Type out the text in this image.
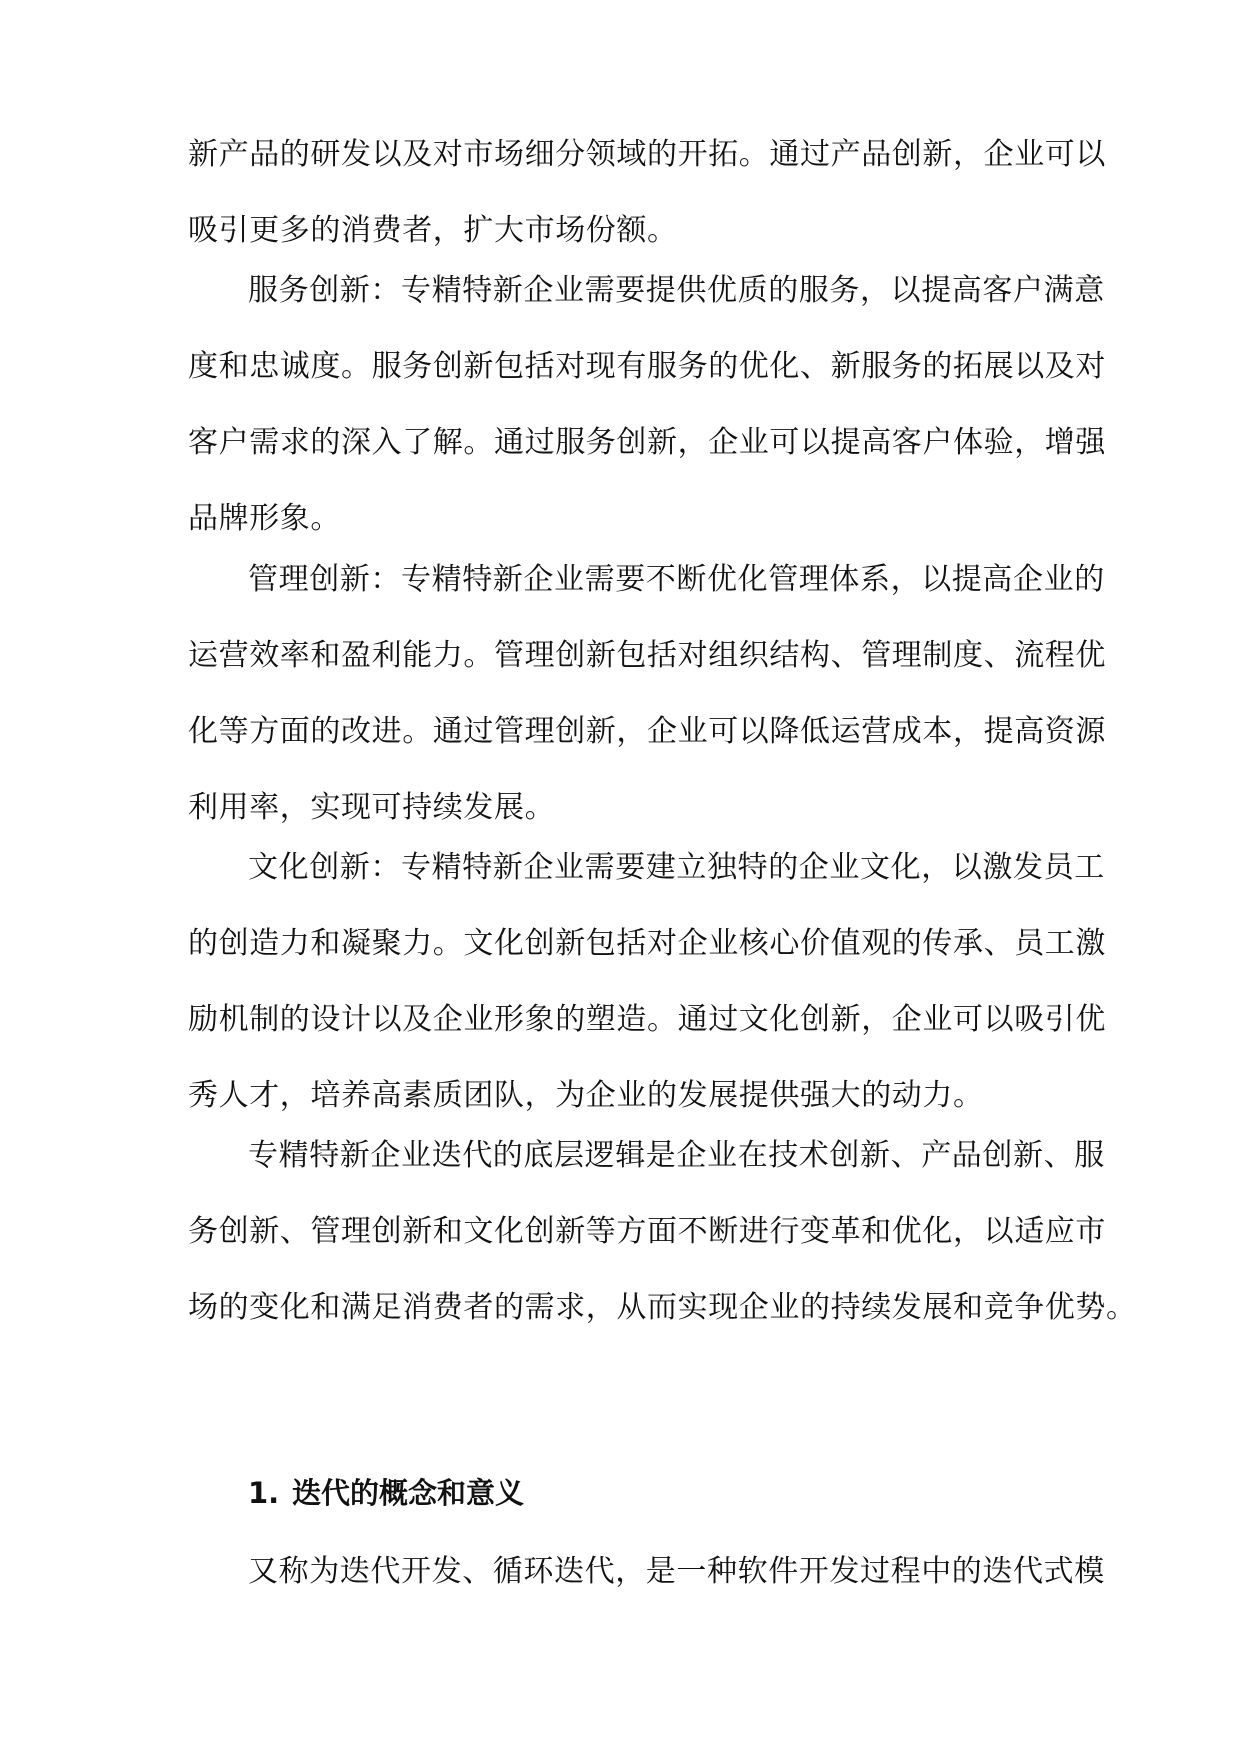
新产品的研发以及对市场细分领域的开拓。通过产品创新，企业可以
吸引更多的消费者，扩大市场份额。
服务创新：专精特新企业需要提供优质的服务，以提高客户满意
度和忠诚度。服务创新包括对现有服务的优化、新服务的拓展以及对
客户需求的深入了解。通过服务创新，企业可以提高客户体验，增强
品牌形象。
管理创新：专精特新企业需要不断优化管理体系，以提高企业的
运营效率和盈利能力。管理创新包括对组织结构、管理制度、流程优
化等方面的改进。通过管理创新，企业可以降低运营成本，提高资源
利用率，实现可持续发展。
文化创新：专精特新企业需要建立独特的企业文化，以激发员工
的创造力和凝聚力。文化创新包括对企业核心价值观的传承、员工激
励机制的设计以及企业形象的塑造。通过文化创新，企业可以吸引优
秀人才，培养高素质团队，为企业的发展提供强大的动力。
专精特新企业迭代的底层逻辑是企业在技术创新、产品创新、服
务创新、管理创新和文化创新等方面不断进行变革和优化，以适应市
场的变化和满足消费者的需求，从而实现企业的持续发展和竞争优势。
1. 迭代的概念和意义
又称为迭代开发、循环迭代，是一种软件开发过程中的迭代式模
